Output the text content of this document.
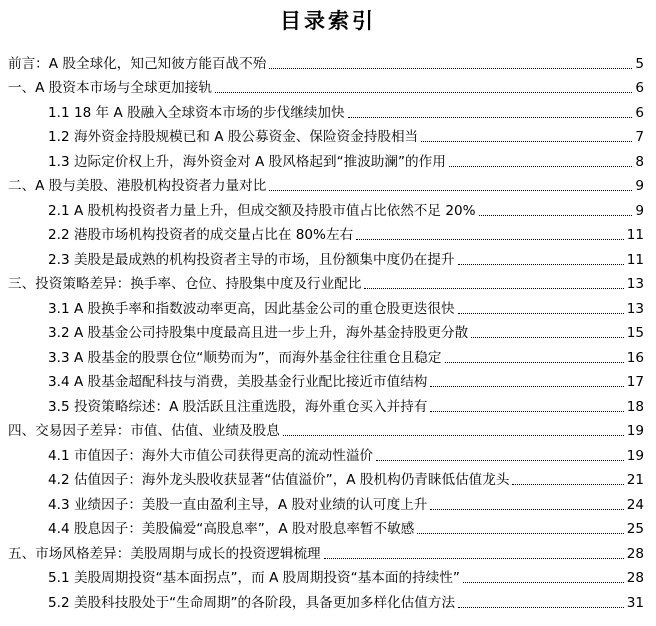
目录索引
前言：A 股全球化，知己知彼方能百战不殆	5
一、A 股资本市场与全球更加接轨	6
1.1 18 年 A 股融入全球资本市场的步伐继续加快	6
1.2 海外资金持股规模已和 A 股公募资金、保险资金持股相当	7
1.3 边际定价权上升，海外资金对 A 股风格起到“推波助澜”的作用	8
二、A 股与美股、港股机构投资者力量对比	9
2.1 A 股机构投资者力量上升，但成交额及持股市值占比依然不足 20%	9
2.2 港股市场机构投资者的成交量占比在 80%左右	11
2.3 美股是最成熟的机构投资者主导的市场，且份额集中度仍在提升	11
三、投资策略差异：换手率、仓位、持股集中度及行业配比	13
3.1 A 股换手率和指数波动率更高，因此基金公司的重仓股更迭很快	13
3.2 A 股基金公司持股集中度最高且进一步上升，海外基金持股更分散	15
3.3 A 股基金的股票仓位“顺势而为”，而海外基金往往重仓且稳定	16
3.4 A 股基金超配科技与消费，美股基金行业配比接近市值结构	17
3.5 投资策略综述：A 股活跃且注重选股，海外重仓买入并持有	18
四、交易因子差异：市值、估值、业绩及股息	19
4.1 市值因子：海外大市值公司获得更高的流动性溢价	19
4.2 估值因子：海外龙头股收获显著“估值溢价”，A 股机构仍青睐低估值龙头	21
4.3 业绩因子：美股一直由盈利主导，A 股对业绩的认可度上升	24
4.4 股息因子：美股偏爱“高股息率”，A 股对股息率暂不敏感	25
五、市场风格差异：美股周期与成长的投资逻辑梳理	28
5.1 美股周期投资“基本面拐点”，而 A 股周期投资“基本面的持续性”	28
5.2 美股科技股处于“生命周期”的各阶段，具备更加多样化估值方法	31
